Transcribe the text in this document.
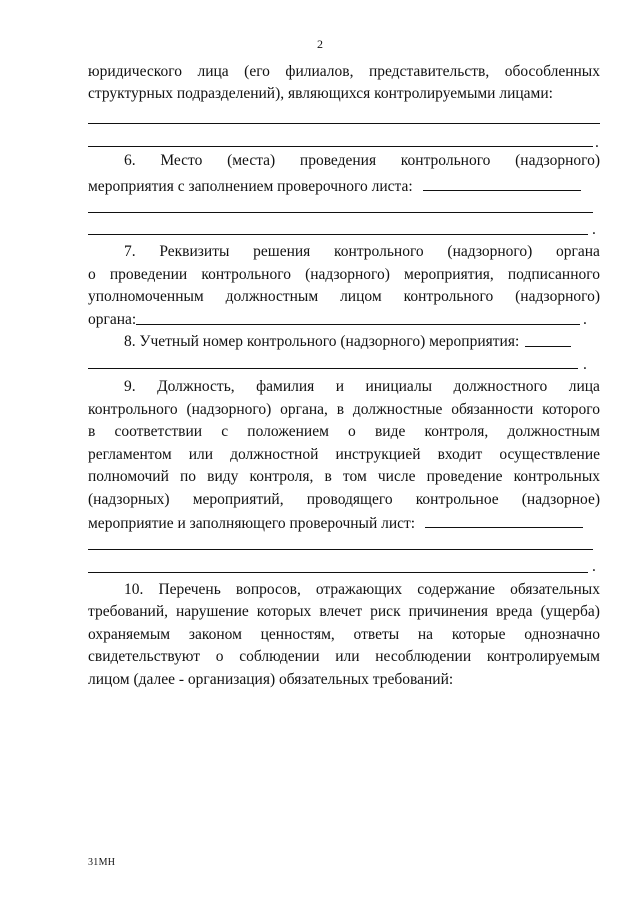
2
юридического лица (его филиалов, представительств, обособленных
структурных подразделений), являющихся контролируемыми лицами:
.
6. Место (места) проведения контрольного (надзорного)
мероприятия с заполнением проверочного листа:
.
7. Реквизиты решения контрольного (надзорного) органа
о проведении контрольного (надзорного) мероприятия, подписанного
уполномоченным должностным лицом контрольного (надзорного)
органа:	.
8. Учетный номер контрольного (надзорного) мероприятия:
.
9. Должность, фамилия и инициалы должностного лица
контрольного (надзорного) органа, в должностные обязанности которого
в соответствии с положением о виде контроля, должностным
регламентом или должностной инструкцией входит осуществление
полномочий по виду контроля, в том числе проведение контрольных
(надзорных) мероприятий, проводящего контрольное (надзорное)
мероприятие и заполняющего проверочный лист:
.
10. Перечень вопросов, отражающих содержание обязательных
требований, нарушение которых влечет риск причинения вреда (ущерба)
охраняемым законом ценностям, ответы на которые однозначно
свидетельствуют о соблюдении или несоблюдении контролируемым
лицом (далее - организация) обязательных требований:
31МН
